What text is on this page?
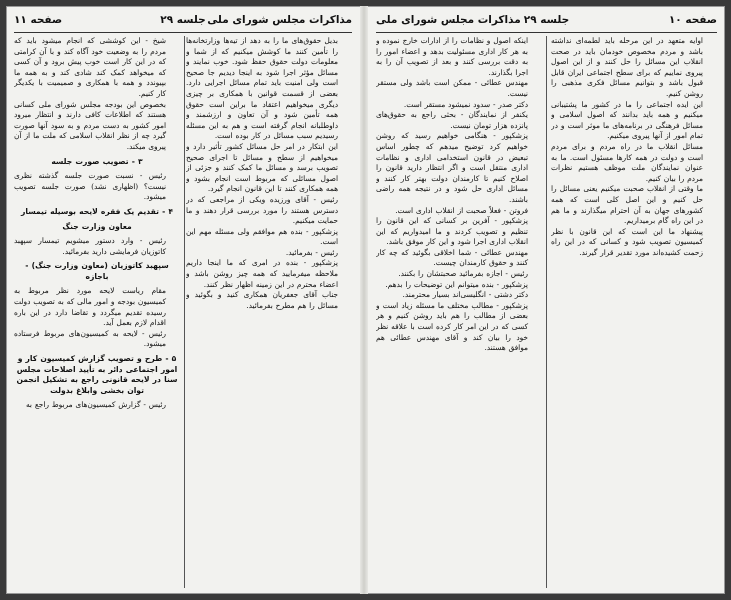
مذاکرات مجلس شورای ملی
جلسه ۲۹
صفحه ۱۱

بدیل حقوق‌های ما را به دهد از تیه‌ها وزارتخانه‌ها را تأمین کنند ما کوشش میکنیم که از شما و معلومات دولت حقوق حفظ شود. خوب نمایند و مسائل مؤثر اجرا شود به اینجا دیدیم جا صحیح است ولی امنیت باید تمام مسائل اجرایی دارد. بعضی از قسمت قوانین با همکاری بر چیزی دیگری میخواهیم اعتقاد ما براین است حقوق همه تأمین شود و آن تعاون و ارزشمند و داوطلبانه انجام گرفته است و هم به این مسئله رسیدیم سبب مسائل در کار بوده است.

این ابتکار در امر حل مسائل کشور تأثیر دارد و میخواهیم از سطح و مسائل تا اجرای صحیح تصویب برسد و مسائل ما کمک کنند و جزئی از اصول مسائلی که مربوط است انجام بشود و همه همکاری کنند تا این قانون انجام گیرد.

رئیس - آقای ورزیده ویکی از مراجعی که در دسترس هستند را مورد بررسی قرار دهند و ما حمایت میکنیم.

پزشکپور - بنده هم موافقم ولی مسئله مهم این است.

رئیس - بفرمائید.

پزشکپور - بنده در امری که ما اینجا داریم ملاحظه میفرمایید که همه چیز روشن باشد و اعضاء محترم در این زمینه اظهار نظر کنند.

جناب آقای جعفریان همکاری کنید و بگوئید و مسائل را هم مطرح بفرمائید.

شیخ - این کوششی که انجام میشود باید که مردم را به وضعیت خود آگاه کند و با آن کرامتی که در این کار است خوب پیش برود و آن کسی که میخواهد کمک کند شادی کند و به همه ما بپیوندد و همه با همکاری و صمیمیت با یکدیگر کار کنیم.

بخصوص این بودجه مجلس شورای ملی کسانی هستند که اطلاعات کافی دارند و انتظار میرود امور کشور به دست مردم و به سود آنها صورت گیرد چه از نظر انقلاب اسلامی که ملت ما از آن پیروی میکند.

۳ - تصویب صورت جلسه

رئیس - نسبت صورت جلسه گذشته نظری نیست؟ (اظهاری نشد) صورت جلسه تصویب میشود.

۴ - تقدیم یک فقره لایحه بوسیله تیمسار

معاون وزارت جنگ

رئیس - وارد دستور میشویم تیمسار سپهبد کاتوزیان فرمایشی دارید بفرمائید.

سپهبد کاتوزیان (معاون وزارت جنگ) - باجازه

مقام ریاست لایحه مورد نظر مربوط به کمیسیون بودجه و امور مالی که به تصویب دولت رسیده تقدیم میگردد و تقاضا دارد در این باره اقدام لازم بعمل آید.

رئیس - لایحه به کمیسیون‌های مربوط فرستاده میشود.

۵ - طرح و تصویب گزارش کمیسیون کار و امور اجتماعی دائر به تأیید اصلاحات مجلس سنا در لایحه قانونی راجع به تشکیل انجمن توان بخشی وابلاغ بدولت

رئیس - گزارش کمیسیون‌های مربوط راجع به

صفحه ۱۰
جلسه ۲۹
مذاکرات مجلس شورای ملی

اوایه متعهد در این مرحله باید لطمه‌ای نداشته باشد و مردم مخصوص خودمان باید در صحت انقلاب این مسائل را حل کنند و از این اصول پیروی نماییم که برای سطح اجتماعی ایران قابل قبول باشد و بتوانیم مسائل فکری مذهبی را روشن کنیم.

این ایده اجتماعی را ما در کشور ما پشتیبانی میکنیم و همه باید بدانند که اصول اسلامی و مسائل فرهنگی در برنامه‌های ما موثر است و در تمام امور از آنها پیروی میکنیم.

مسائل انقلاب ما در راه مردم و برای مردم است و دولت در همه کارها مسئول است. ما به عنوان نمایندگان ملت موظف هستیم نظرات مردم را بیان کنیم.

ما وقتی از انقلاب صحبت میکنیم یعنی مسائل را حل کنیم و این اصل کلی است که همه کشورهای جهان به آن احترام میگذارند و ما هم در این راه گام برمیداریم.

پیشنهاد ما این است که این قانون با نظر کمیسیون تصویب شود و کسانی که در این راه زحمت کشیده‌اند مورد تقدیر قرار گیرند.

اینکه اصول و نظامات را از ادارات خارج نموده و به هر کار اداری مسئولیت بدهد و اعضاء امور را به دقت بررسی کنند و بعد از تصویب آن را به اجرا بگذارند.

مهندس عطائی - ممکن است باشد ولی مستقر نیست.

دکتر صدر - سدود نمیشود مستقر است.

یکنفر از نمایندگان - بحثی راجع به حقوق‌های پانزده هزار تومان نیست.

پزشکپور - هنگامی خواهیم رسید که روشن خواهیم کرد توضیح میدهم که چطور اساس تبعیض در قانون استخدامی اداری و نظامات اداری منتقل است و اگر انتظار دارید قانون را اصلاح کنیم تا کارمندان دولت بهتر کار کنند و مسائل اداری حل شود و در نتیجه همه راضی باشند.

فروتن - فعلاً صحبت از انقلاب اداری است.

پزشکپور - آفرین بر کسانی که این قانون را تنظیم و تصویب کردند و ما امیدواریم که این انقلاب اداری اجرا شود و این کار موفق باشد.

مهندس عطائی - شما اخلاقی بگوئید که چه کار کنند و حقوق کارمندان چیست.

رئیس - اجازه بفرمائید صحبتشان را بکنند.

پزشکپور - بنده میتوانم این توضیحات را بدهم.

دکتر دشتی - انگلیسی‌اند بسیار محترمند.

پزشکپور - مطالب مختلف ما مسئله زیاد است و بعضی از مطالب را هم باید روشن کنیم و هر کسی که در این امر کار کرده است با علاقه نظر خود را بیان کند و آقای مهندس عطائی هم موافق هستند.
